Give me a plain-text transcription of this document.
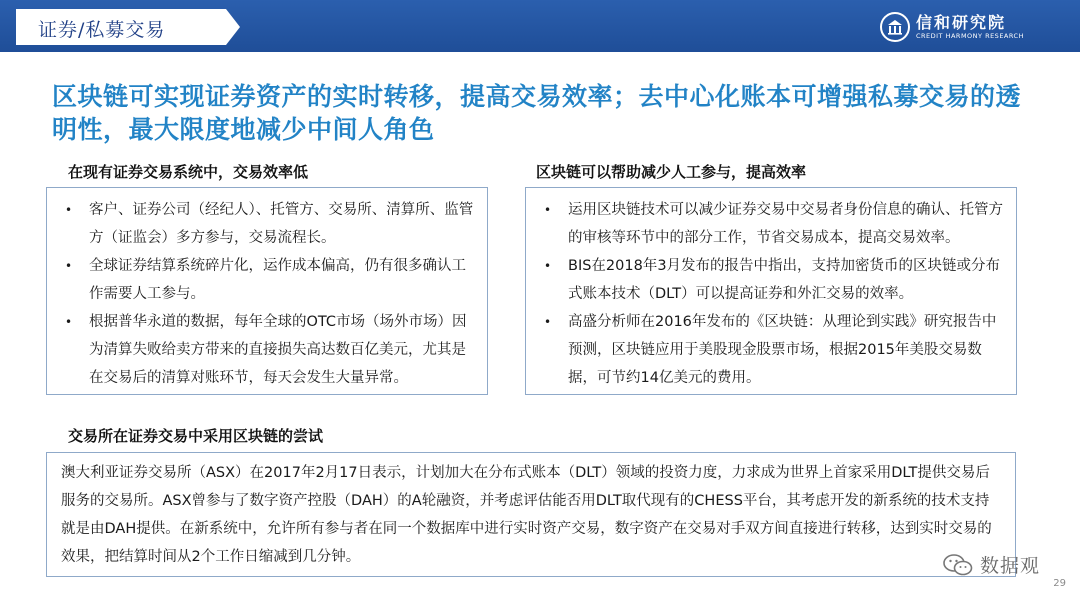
证券/私募交易	信和研究院
CREDIT HARMONY RESEARCH
区块链可实现证券资产的实时转移，提高交易效率；去中心化账本可增强私募交易的透明性，最大限度地减少中间人角色
在现有证券交易系统中，交易效率低
• 客户、证券公司（经纪人）、托管方、交易所、清算所、监管方（证监会）多方参与，交易流程长。
• 全球证券结算系统碎片化，运作成本偏高，仍有很多确认工作需要人工参与。
• 根据普华永道的数据，每年全球的OTC市场（场外市场）因为清算失败给卖方带来的直接损失高达数百亿美元，尤其是在交易后的清算对账环节，每天会发生大量异常。
区块链可以帮助减少人工参与，提高效率
• 运用区块链技术可以减少证券交易中交易者身份信息的确认、托管方的审核等环节中的部分工作，节省交易成本，提高交易效率。
• BIS在2018年3月发布的报告中指出，支持加密货币的区块链或分布式账本技术（DLT）可以提高证券和外汇交易的效率。
• 高盛分析师在2016年发布的《区块链：从理论到实践》研究报告中预测，区块链应用于美股现金股票市场，根据2015年美股交易数据，可节约14亿美元的费用。
交易所在证券交易中采用区块链的尝试
澳大利亚证券交易所（ASX）在2017年2月17日表示，计划加大在分布式账本（DLT）领域的投资力度，力求成为世界上首家采用DLT提供交易后服务的交易所。ASX曾参与了数字资产控股（DAH）的A轮融资，并考虑评估能否用DLT取代现有的CHESS平台，其考虑开发的新系统的技术支持就是由DAH提供。在新系统中，允许所有参与者在同一个数据库中进行实时资产交易，数字资产在交易对手双方间直接进行转移，达到实时交易的效果，把结算时间从2个工作日缩减到几分钟。	数据观
29
